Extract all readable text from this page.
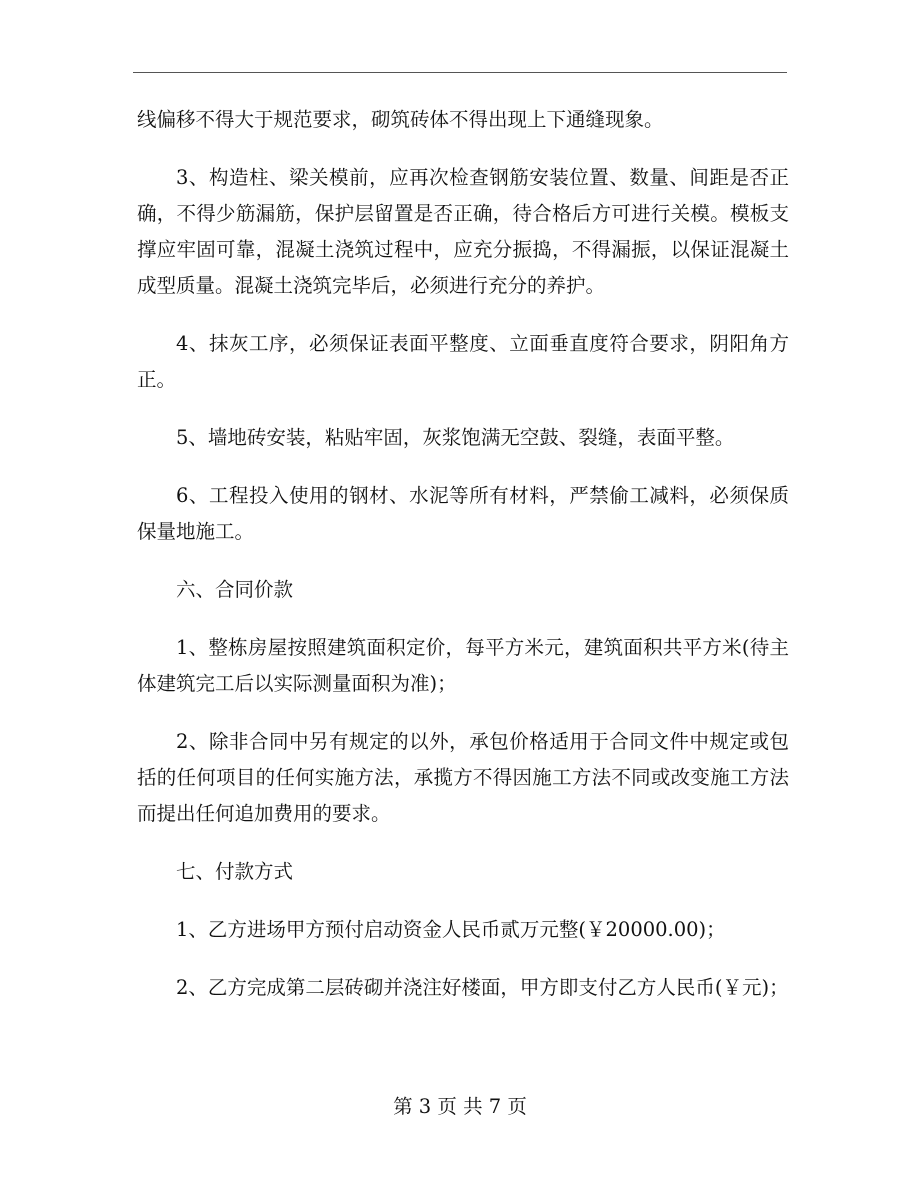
线偏移不得大于规范要求，砌筑砖体不得出现上下通缝现象。

3、构造柱、梁关模前，应再次检查钢筋安装位置、数量、间距是否正确，不得少筋漏筋，保护层留置是否正确，待合格后方可进行关模。模板支撑应牢固可靠，混凝土浇筑过程中，应充分振捣，不得漏振，以保证混凝土成型质量。混凝土浇筑完毕后，必须进行充分的养护。

4、抹灰工序，必须保证表面平整度、立面垂直度符合要求，阴阳角方正。

5、墙地砖安装，粘贴牢固，灰浆饱满无空鼓、裂缝，表面平整。

6、工程投入使用的钢材、水泥等所有材料，严禁偷工减料，必须保质保量地施工。

六、合同价款

1、整栋房屋按照建筑面积定价，每平方米元，建筑面积共平方米(待主体建筑完工后以实际测量面积为准)；

2、除非合同中另有规定的以外，承包价格适用于合同文件中规定或包括的任何项目的任何实施方法，承揽方不得因施工方法不同或改变施工方法而提出任何追加费用的要求。

七、付款方式

1、乙方进场甲方预付启动资金人民币贰万元整(￥20000.00)；

2、乙方完成第二层砖砌并浇注好楼面，甲方即支付乙方人民币(￥元)；

第 3 页 共 7 页
